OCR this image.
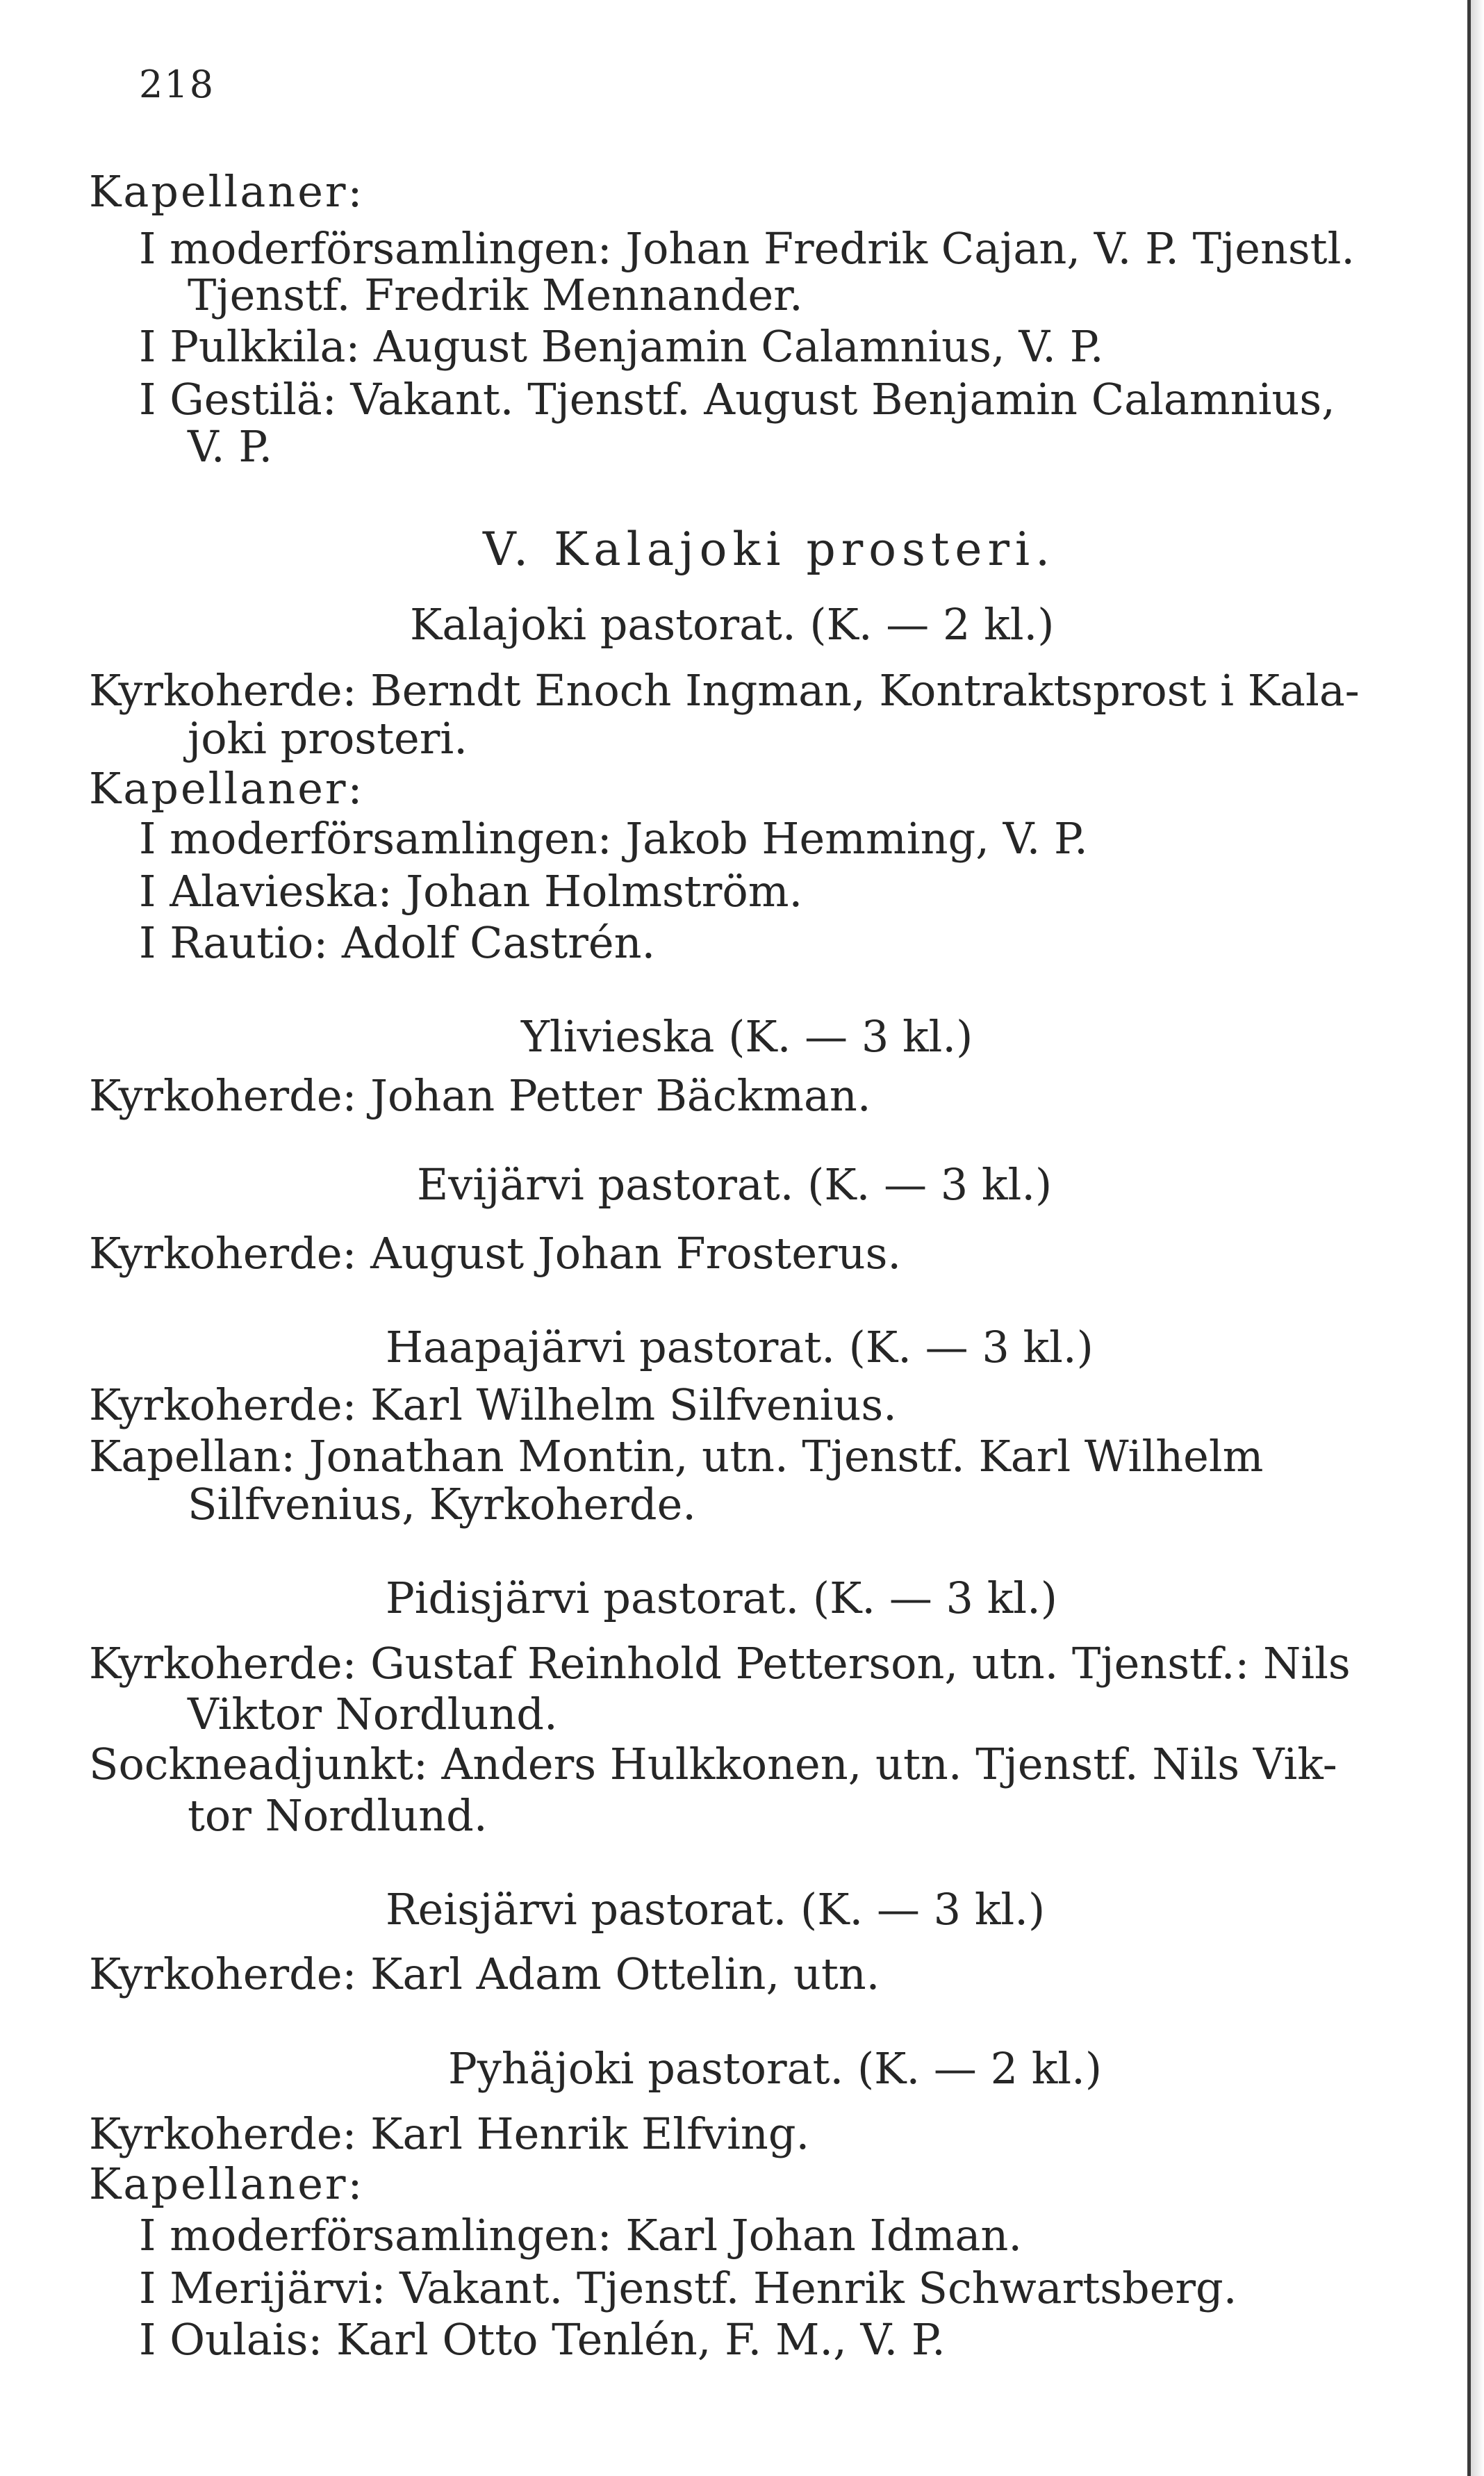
218
Kapellaner:
I moderförsamlingen: Johan Fredrik Cajan, V. P. Tjenstl.
Tjenstf. Fredrik Mennander.
I Pulkkila: August Benjamin Calamnius, V. P.
I Gestilä: Vakant. Tjenstf. August Benjamin Calamnius,
V. P.
V. Kalajoki prosteri.
Kalajoki pastorat. (K. — 2 kl.)
Kyrkoherde: Berndt Enoch Ingman, Kontraktsprost i Kala-
joki prosteri.
Kapellaner:
I moderförsamlingen: Jakob Hemming, V. P.
I Alavieska: Johan Holmström.
I Rautio: Adolf Castrén.
Ylivieska (K. — 3 kl.)
Kyrkoherde: Johan Petter Bäckman.
Evijärvi pastorat. (K. — 3 kl.)
Kyrkoherde: August Johan Frosterus.
Haapajärvi pastorat. (K. — 3 kl.)
Kyrkoherde: Karl Wilhelm Silfvenius.
Kapellan: Jonathan Montin, utn. Tjenstf. Karl Wilhelm
Silfvenius, Kyrkoherde.
Pidisjärvi pastorat. (K. — 3 kl.)
Kyrkoherde: Gustaf Reinhold Petterson, utn. Tjenstf.: Nils
Viktor Nordlund.
Sockneadjunkt: Anders Hulkkonen, utn. Tjenstf. Nils Vik-
tor Nordlund.
Reisjärvi pastorat. (K. — 3 kl.)
Kyrkoherde: Karl Adam Ottelin, utn.
Pyhäjoki pastorat. (K. — 2 kl.)
Kyrkoherde: Karl Henrik Elfving.
Kapellaner:
I moderförsamlingen: Karl Johan Idman.
I Merijärvi: Vakant. Tjenstf. Henrik Schwartsberg.
I Oulais: Karl Otto Tenlén, F. M., V. P.
